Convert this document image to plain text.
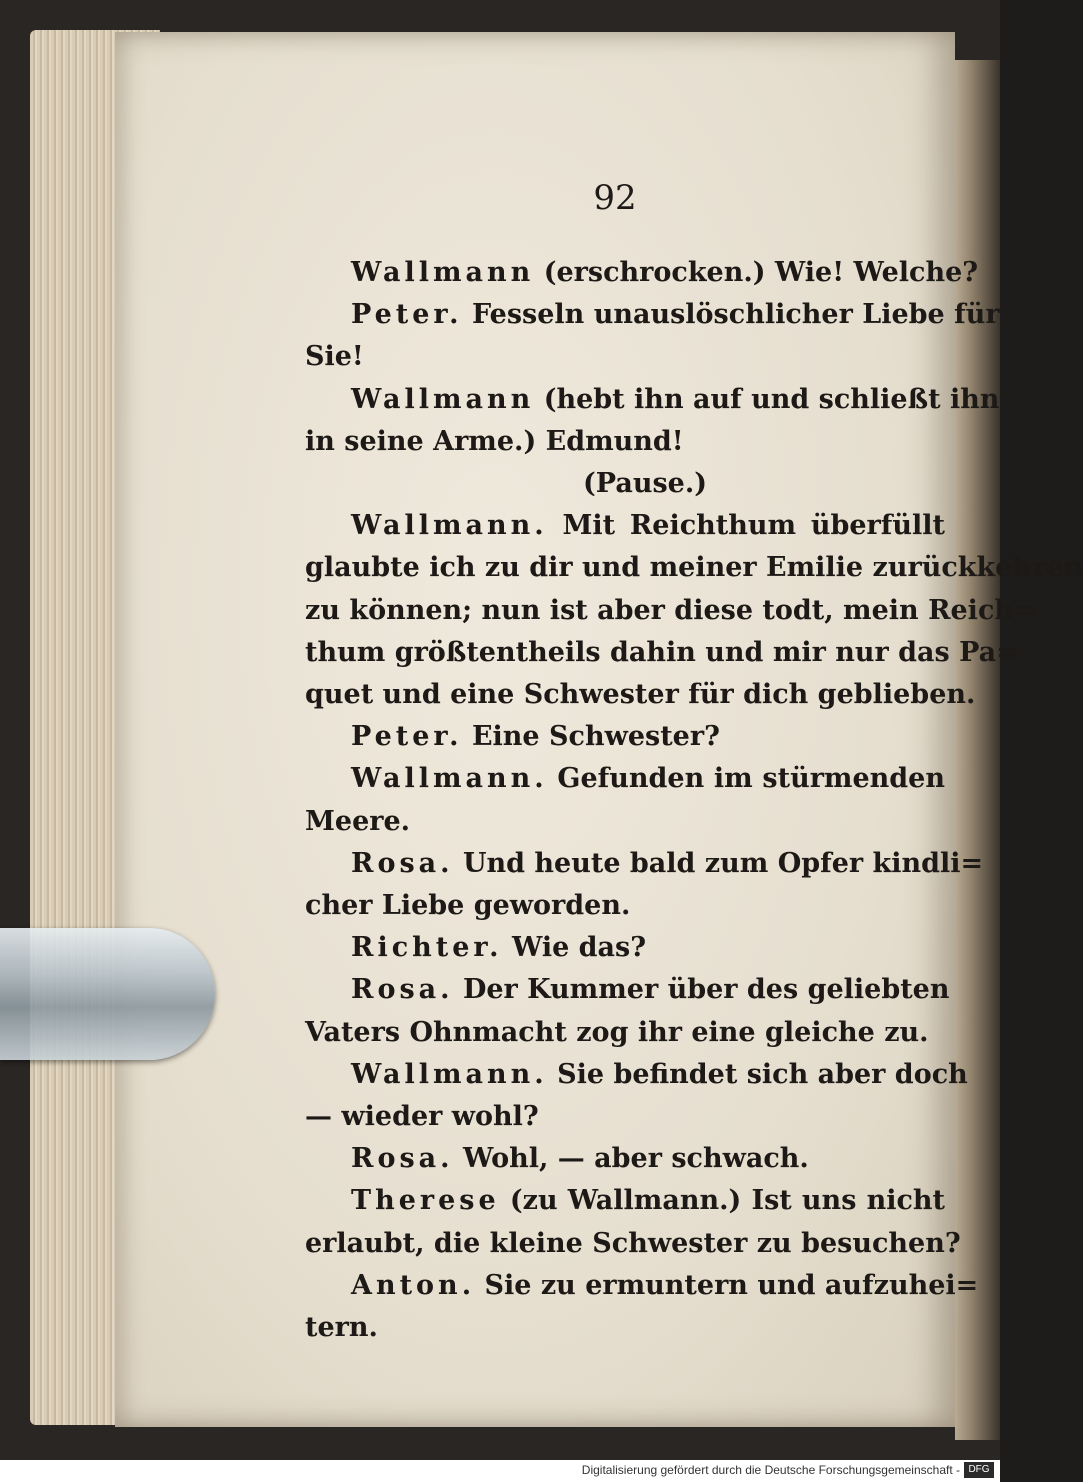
92
Wallmann (erschrocken.) Wie! Welche?
Peter. Fesseln unauslöschlicher Liebe für
Sie!
Wallmann (hebt ihn auf und schließt ihn
in seine Arme.) Edmund!
(Pause.)
Wallmann. Mit Reichthum überfüllt
glaubte ich zu dir und meiner Emilie zurückkehren
zu können; nun ist aber diese todt, mein Reich=
thum größtentheils dahin und mir nur das Pa=
quet und eine Schwester für dich geblieben.
Peter. Eine Schwester?
Wallmann. Gefunden im stürmenden
Meere.
Rosa. Und heute bald zum Opfer kindli=
cher Liebe geworden.
Richter. Wie das?
Rosa. Der Kummer über des geliebten
Vaters Ohnmacht zog ihr eine gleiche zu.
Wallmann. Sie befindet sich aber doch
— wieder wohl?
Rosa. Wohl, — aber schwach.
Therese (zu Wallmann.) Ist uns nicht
erlaubt, die kleine Schwester zu besuchen?
Anton. Sie zu ermuntern und aufzuhei=
tern.
Digitalisierung gefördert durch die Deutsche Forschungsgemeinschaft - DFG
